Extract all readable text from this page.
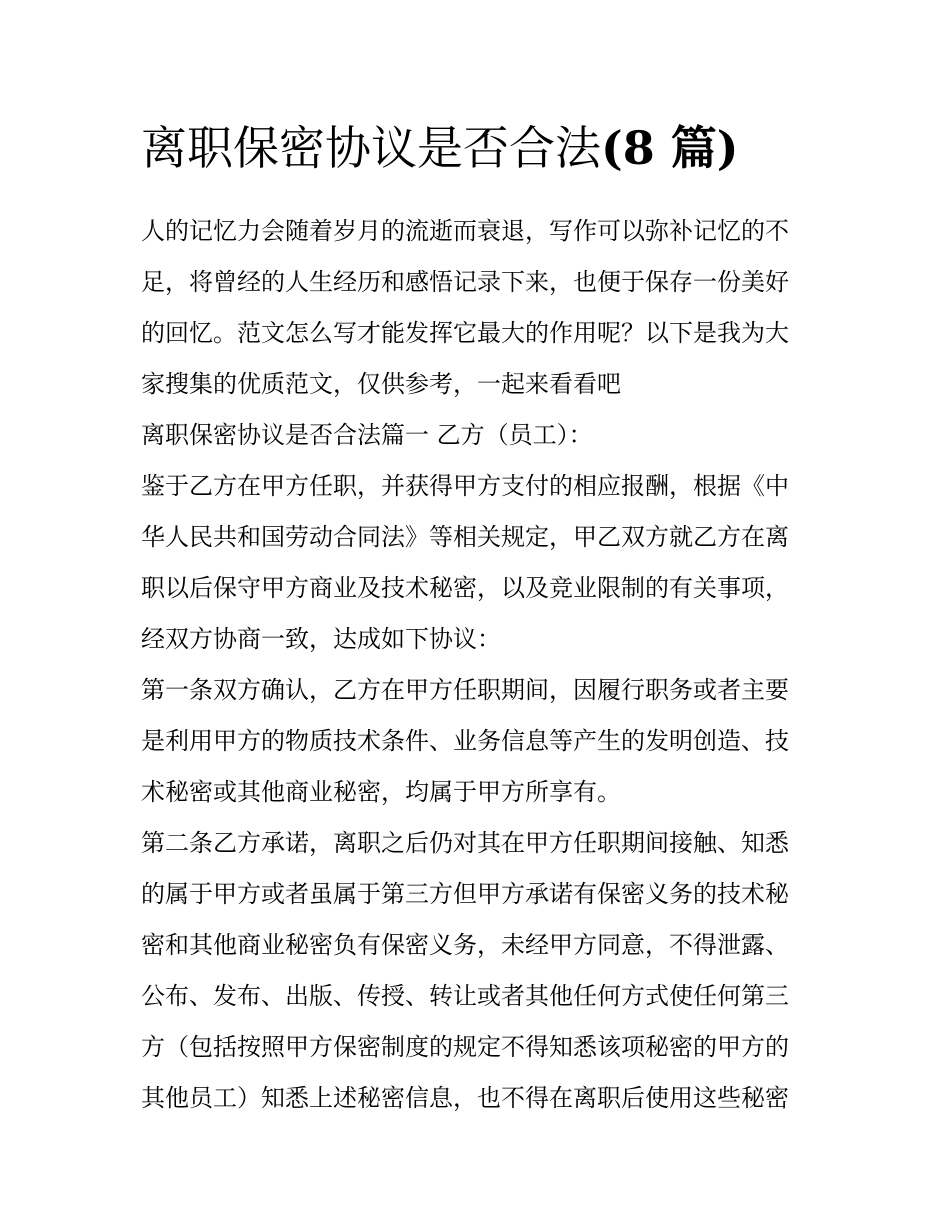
离职保密协议是否合法(8 篇)
人的记忆力会随着岁月的流逝而衰退，写作可以弥补记忆的不
足，将曾经的人生经历和感悟记录下来，也便于保存一份美好
的回忆。范文怎么写才能发挥它最大的作用呢？以下是我为大
家搜集的优质范文，仅供参考，一起来看看吧
离职保密协议是否合法篇一 乙方（员工）：
鉴于乙方在甲方任职，并获得甲方支付的相应报酬，根据《中
华人民共和国劳动合同法》等相关规定，甲乙双方就乙方在离
职以后保守甲方商业及技术秘密，以及竞业限制的有关事项，
经双方协商一致，达成如下协议：
第一条双方确认，乙方在甲方任职期间，因履行职务或者主要
是利用甲方的物质技术条件、业务信息等产生的发明创造、技
术秘密或其他商业秘密，均属于甲方所享有。
第二条乙方承诺，离职之后仍对其在甲方任职期间接触、知悉
的属于甲方或者虽属于第三方但甲方承诺有保密义务的技术秘
密和其他商业秘密负有保密义务，未经甲方同意，不得泄露、
公布、发布、出版、传授、转让或者其他任何方式使任何第三
方（包括按照甲方保密制度的规定不得知悉该项秘密的甲方的
其他员工）知悉上述秘密信息，也不得在离职后使用这些秘密
